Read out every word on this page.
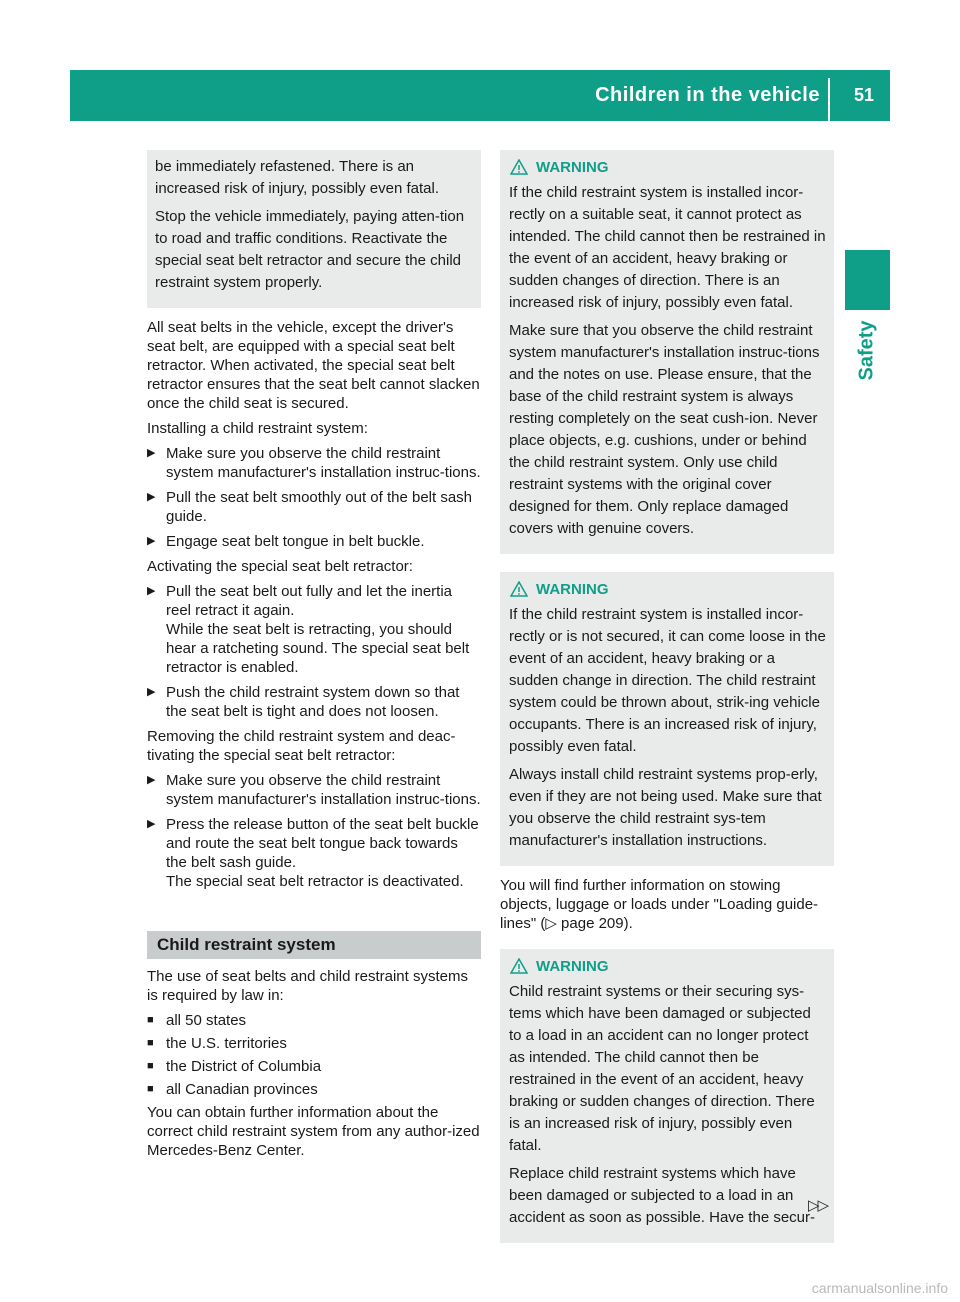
Children in the vehicle 51
Safety

be immediately refastened. There is an increased risk of injury, possibly even fatal.

Stop the vehicle immediately, paying atten-tion to road and traffic conditions. Reactivate the special seat belt retractor and secure the child restraint system properly.

All seat belts in the vehicle, except the driver's seat belt, are equipped with a special seat belt retractor. When activated, the special seat belt retractor ensures that the seat belt cannot slacken once the child seat is secured.

Installing a child restraint system:

▶ Make sure you observe the child restraint system manufacturer's installation instruc-tions.
▶ Pull the seat belt smoothly out of the belt sash guide.
▶ Engage seat belt tongue in belt buckle.

Activating the special seat belt retractor:

▶ Pull the seat belt out fully and let the inertia reel retract it again.
While the seat belt is retracting, you should hear a ratcheting sound. The special seat belt retractor is enabled.
▶ Push the child restraint system down so that the seat belt is tight and does not loosen.

Removing the child restraint system and deac-tivating the special seat belt retractor:

▶ Make sure you observe the child restraint system manufacturer's installation instruc-tions.
▶ Press the release button of the seat belt buckle and route the seat belt tongue back towards the belt sash guide.
The special seat belt retractor is deactivated.
Child restraint system

The use of seat belts and child restraint systems is required by law in:

■ all 50 states
■ the U.S. territories
■ the District of Columbia
■ all Canadian provinces

You can obtain further information about the correct child restraint system from any author-ized Mercedes-Benz Center.

WARNING

If the child restraint system is installed incor-rectly on a suitable seat, it cannot protect as intended. The child cannot then be restrained in the event of an accident, heavy braking or sudden changes of direction. There is an increased risk of injury, possibly even fatal.

Make sure that you observe the child restraint system manufacturer's installation instruc-tions and the notes on use. Please ensure, that the base of the child restraint system is always resting completely on the seat cush-ion. Never place objects, e.g. cushions, under or behind the child restraint system. Only use child restraint systems with the original cover designed for them. Only replace damaged covers with genuine covers.

WARNING

If the child restraint system is installed incor-rectly or is not secured, it can come loose in the event of an accident, heavy braking or a sudden change in direction. The child restraint system could be thrown about, strik-ing vehicle occupants. There is an increased risk of injury, possibly even fatal.

Always install child restraint systems prop-erly, even if they are not being used. Make sure that you observe the child restraint sys-tem manufacturer's installation instructions.

You will find further information on stowing objects, luggage or loads under "Loading guide-lines" (▷ page 209).

WARNING

Child restraint systems or their securing sys-tems which have been damaged or subjected to a load in an accident can no longer protect as intended. The child cannot then be restrained in the event of an accident, heavy braking or sudden changes of direction. There is an increased risk of injury, possibly even fatal.

Replace child restraint systems which have been damaged or subjected to a load in an accident as soon as possible. Have the secur-

▷▷
carmanualsonline.info
